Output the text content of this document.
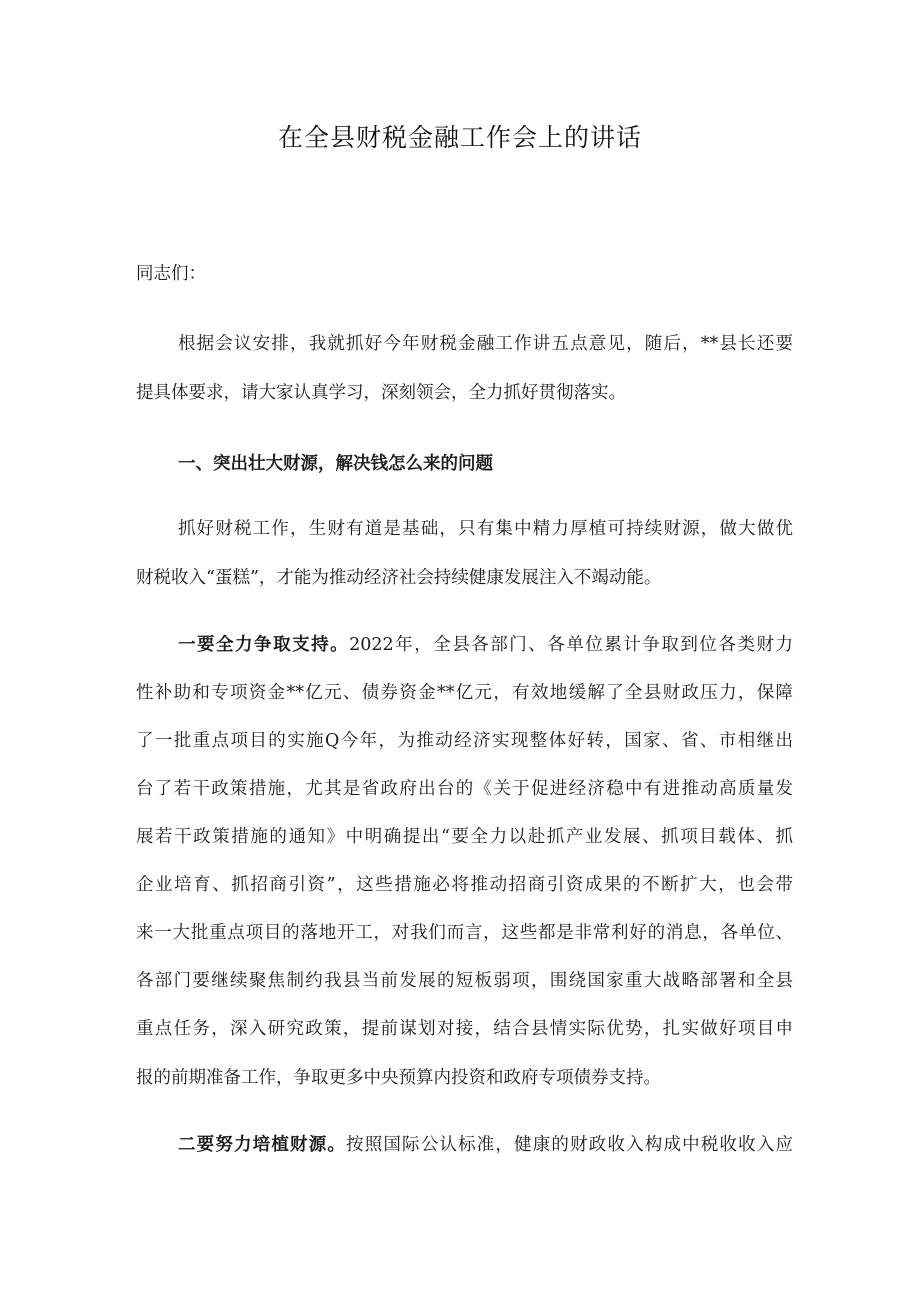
在全县财税金融工作会上的讲话
同志们：
根据会议安排，我就抓好今年财税金融工作讲五点意见，随后，**县长还要
提具体要求，请大家认真学习，深刻领会，全力抓好贯彻落实。
一、突出壮大财源，解决钱怎么来的问题
抓好财税工作，生财有道是基础，只有集中精力厚植可持续财源，做大做优
财税收入“蛋糕”，才能为推动经济社会持续健康发展注入不竭动能。
一要全力争取支持。2022年，全县各部门、各单位累计争取到位各类财力
性补助和专项资金**亿元、债券资金**亿元，有效地缓解了全县财政压力，保障
了一批重点项目的实施Q今年，为推动经济实现整体好转，国家、省、市相继出
台了若干政策措施，尤其是省政府出台的《关于促进经济稳中有进推动高质量发
展若干政策措施的通知》中明确提出“要全力以赴抓产业发展、抓项目载体、抓
企业培育、抓招商引资”，这些措施必将推动招商引资成果的不断扩大，也会带
来一大批重点项目的落地开工，对我们而言，这些都是非常利好的消息，各单位、
各部门要继续聚焦制约我县当前发展的短板弱项，围绕国家重大战略部署和全县
重点任务，深入研究政策，提前谋划对接，结合县情实际优势，扎实做好项目申
报的前期准备工作，争取更多中央预算内投资和政府专项债券支持。
二要努力培植财源。按照国际公认标准，健康的财政收入构成中税收收入应
